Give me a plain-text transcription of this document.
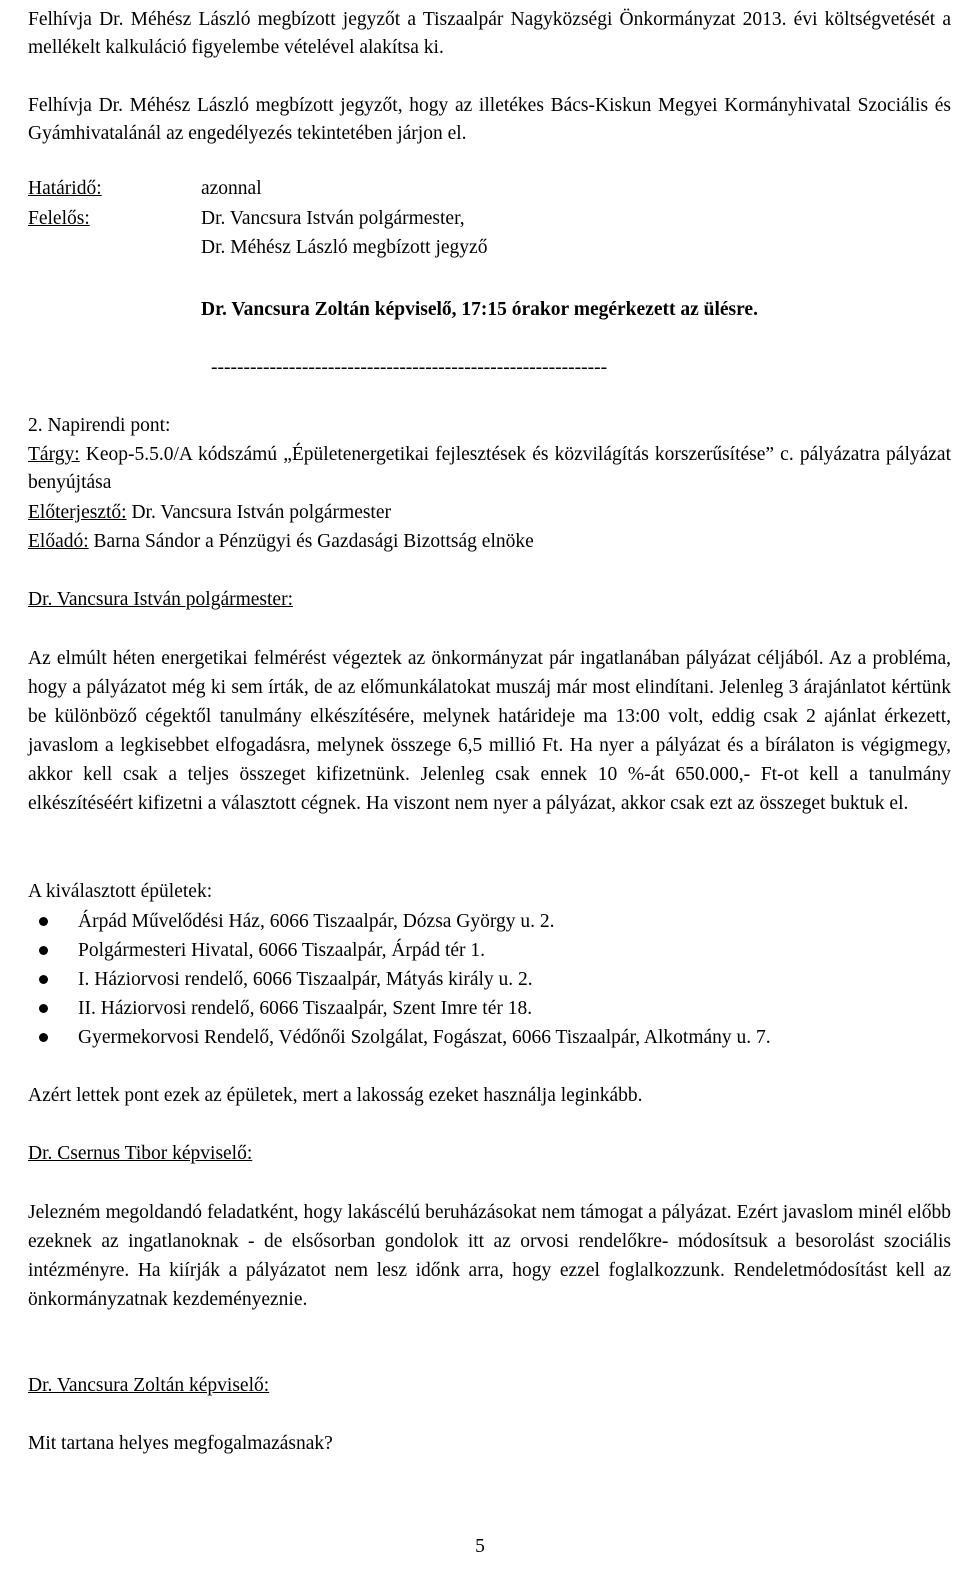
Felhívja Dr. Méhész László megbízott jegyzőt a Tiszaalpár Nagyközségi Önkormányzat 2013. évi költségvetését a mellékelt kalkuláció figyelembe vételével alakítsa ki.

Felhívja Dr. Méhész László megbízott jegyzőt, hogy az illetékes Bács-Kiskun Megyei Kormányhivatal Szociális és Gyámhivatalánál az engedélyezés tekintetében járjon el.

Határidő:	azonnal
Felelős:	Dr. Vancsura István polgármester,
Dr. Méhész László megbízott jegyző

Dr. Vancsura Zoltán képviselő, 17:15 órakor megérkezett az ülésre.

-------------------------------------------------------------

2. Napirendi pont:

Tárgy: Keop-5.5.0/A kódszámú „Épületenergetikai fejlesztések és közvilágítás korszerűsítése” c. pályázatra pályázat benyújtása

Előterjesztő: Dr. Vancsura István polgármester

Előadó: Barna Sándor a Pénzügyi és Gazdasági Bizottság elnöke

Dr. Vancsura István polgármester:

Az elmúlt héten energetikai felmérést végeztek az önkormányzat pár ingatlanában pályázat céljából. Az a probléma, hogy a pályázatot még ki sem írták, de az előmunkálatokat muszáj már most elindítani. Jelenleg 3 árajánlatot kértünk be különböző cégektől tanulmány elkészítésére, melynek határideje ma 13:00 volt, eddig csak 2 ajánlat érkezett, javaslom a legkisebbet elfogadásra, melynek összege 6,5 millió Ft. Ha nyer a pályázat és a bírálaton is végigmegy, akkor kell csak a teljes összeget kifizetnünk. Jelenleg csak ennek 10 %-át 650.000,- Ft-ot kell a tanulmány elkészítéséért kifizetni a választott cégnek. Ha viszont nem nyer a pályázat, akkor csak ezt az összeget buktuk el.

A kiválasztott épületek:

Árpád Művelődési Ház, 6066 Tiszaalpár, Dózsa György u. 2.
Polgármesteri Hivatal, 6066 Tiszaalpár, Árpád tér 1.
I. Háziorvosi rendelő, 6066 Tiszaalpár, Mátyás király u. 2.
II. Háziorvosi rendelő, 6066 Tiszaalpár, Szent Imre tér 18.
Gyermekorvosi Rendelő, Védőnői Szolgálat, Fogászat, 6066 Tiszaalpár, Alkotmány u. 7.

Azért lettek pont ezek az épületek, mert a lakosság ezeket használja leginkább.

Dr. Csernus Tibor képviselő:

Jelezném megoldandó feladatként, hogy lakáscélú beruházásokat nem támogat a pályázat. Ezért javaslom minél előbb ezeknek az ingatlanoknak - de elsősorban gondolok itt az orvosi rendelőkre- módosítsuk a besorolást szociális intézményre. Ha kiírják a pályázatot nem lesz időnk arra, hogy ezzel foglalkozzunk. Rendeletmódosítást kell az önkormányzatnak kezdeményeznie.

Dr. Vancsura Zoltán képviselő:

Mit tartana helyes megfogalmazásnak?

5
